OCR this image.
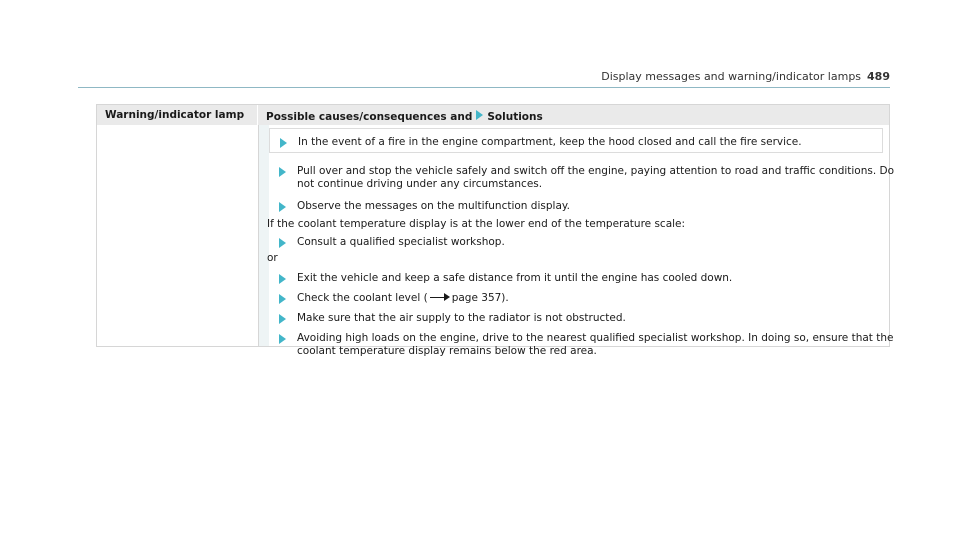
Display messages and warning/indicator lamps 489
Warning/indicator lamp	Possible causes/consequences and Solutions
In the event of a fire in the engine compartment, keep the hood closed and call the fire service.
Pull over and stop the vehicle safely and switch off the engine, paying attention to road and traffic conditions. Do
not continue driving under any circumstances.
Observe the messages on the multifunction display.
If the coolant temperature display is at the lower end of the temperature scale:
Consult a qualified specialist workshop.
or
Exit the vehicle and keep a safe distance from it until the engine has cooled down.
Check the coolant level ( page 357).
Make sure that the air supply to the radiator is not obstructed.
Avoiding high loads on the engine, drive to the nearest qualified specialist workshop. In doing so, ensure that the
coolant temperature display remains below the red area.
